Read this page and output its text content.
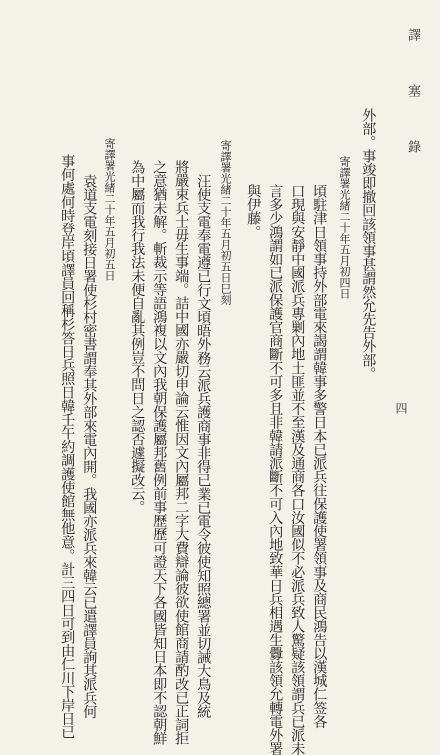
譯 塞 錄
四
外部。事竣即撤回該領事甚謂然允先告外部。
寄譯署光緒二十年五月初四日
頃駐津日領事持外部電來謁謂韓事多警日本已派兵往保護使署領事及商民鴻告以漢城仁签各
口現與安靜中國派兵專剿內地土匪並不至漢及通商各口汝國似不必派兵致人驚疑該領謂兵已派未
言多少鴻謂如已派保護官商斷不可多且非韓請派斷不可入內地致華日兵相遇生釁該領允轉電外署
與伊藤。
寄譯署光緒二十年五月初五日巳刻
汪使支電奉電遵已行文頃晤外務云派兵護商事非得已業已電令彼使知照總署並切誡大鳥及統
將嚴束兵士毋生事端。詰中國亦嚴切申論云惟因文內屬邦二字大費辯論彼欲使館商請酌改已正詞拒
之意猶未解。斬裁示等語鴻複以文內我朝保護屬邦舊例前事歷歷可證天下各國皆知日本即不認朝鮮
為中屬而我行我法未便自亂其例豈不問日之認否遽擬改云。
寄譯署光緒二十年五月初五日
袁道支電刻接日署使杉村密書謂奉其外部來電內開。我國亦派兵來韓云已遣譯員詢其派兵何
事何處何時登岸頃譯員回稱杉答日兵照日韓壬午約調護使館無他意。計三四日可到由仁川下岸日已
